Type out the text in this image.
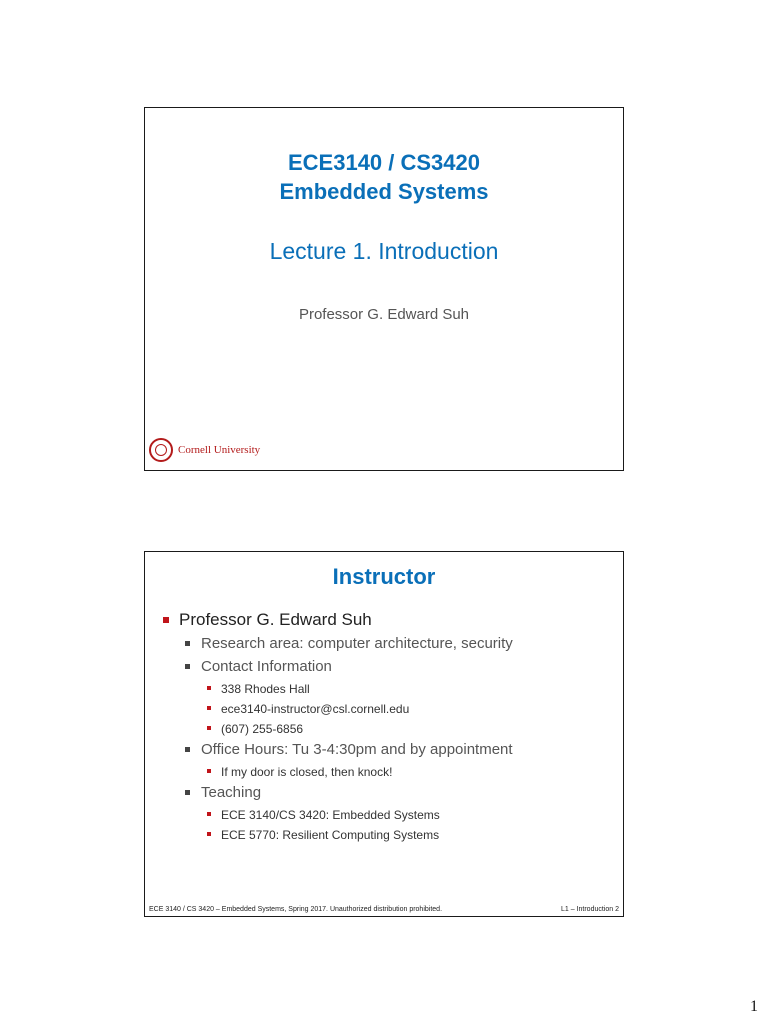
ECE3140 / CS3420
Embedded Systems
Lecture 1. Introduction
Professor G. Edward Suh
Cornell University
Instructor
Professor G. Edward Suh
Research area: computer architecture, security
Contact Information
338 Rhodes Hall
ece3140-instructor@csl.cornell.edu
(607) 255-6856
Office Hours: Tu 3-4:30pm and by appointment
If my door is closed, then knock!
Teaching
ECE 3140/CS 3420: Embedded Systems
ECE 5770: Resilient Computing Systems
ECE 3140 / CS 3420 – Embedded Systems, Spring 2017. Unauthorized distribution prohibited.	L1 – Introduction 2
1
